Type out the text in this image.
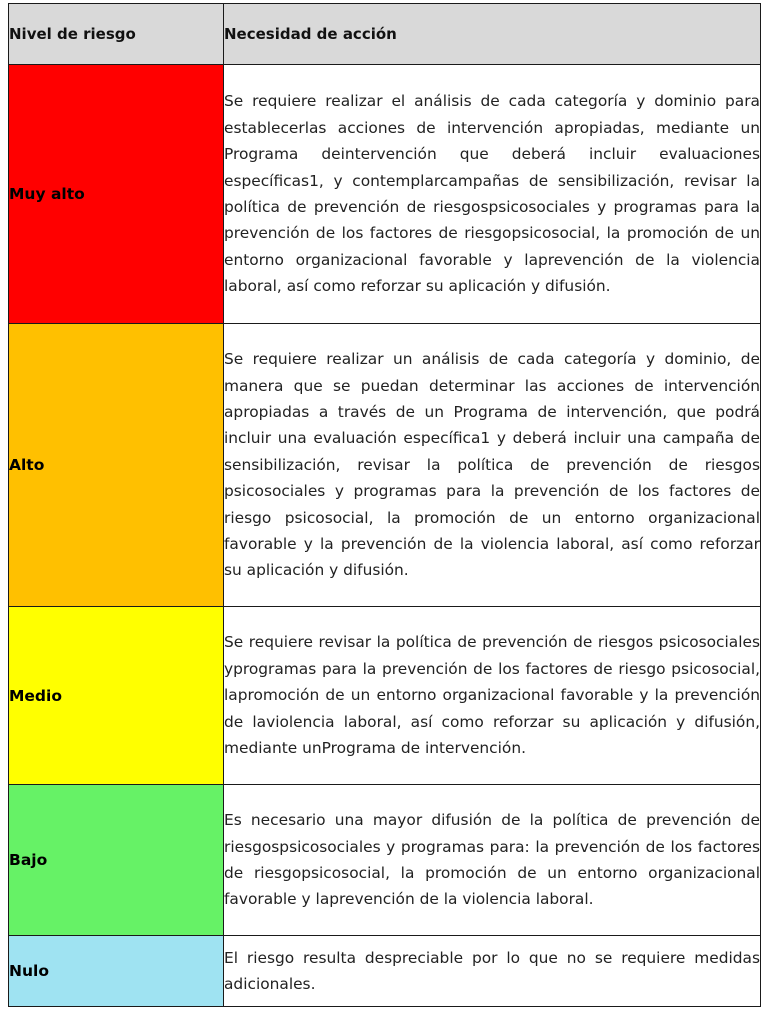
Nivel de riesgo	Necesidad de acción
Muy alto	Se requiere realizar el análisis de cada categoría y dominio para establecerlas acciones de intervención apropiadas, mediante un Programa deintervención que deberá incluir evaluaciones específicas1, y contemplarcampañas de sensibilización, revisar la política de prevención de riesgospsicosociales y programas para la prevención de los factores de riesgopsicosocial, la promoción de un entorno organizacional favorable y laprevención de la violencia laboral, así como reforzar su aplicación y difusión.
Alto	Se requiere realizar un análisis de cada categoría y dominio, de manera que se puedan determinar las acciones de intervención apropiadas a través de un Programa de intervención, que podrá incluir una evaluación específica1 y deberá incluir una campaña de sensibilización, revisar la política de prevención de riesgos psicosociales y programas para la prevención de los factores de riesgo psicosocial, la promoción de un entorno organizacional favorable y la prevención de la violencia laboral, así como reforzar su aplicación y difusión.
Medio	Se requiere revisar la política de prevención de riesgos psicosociales yprogramas para la prevención de los factores de riesgo psicosocial, lapromoción de un entorno organizacional favorable y la prevención de laviolencia laboral, así como reforzar su aplicación y difusión, mediante unPrograma de intervención.
Bajo	Es necesario una mayor difusión de la política de prevención de riesgospsicosociales y programas para: la prevención de los factores de riesgopsicosocial, la promoción de un entorno organizacional favorable y laprevención de la violencia laboral.
Nulo	El riesgo resulta despreciable por lo que no se requiere medidas adicionales.
